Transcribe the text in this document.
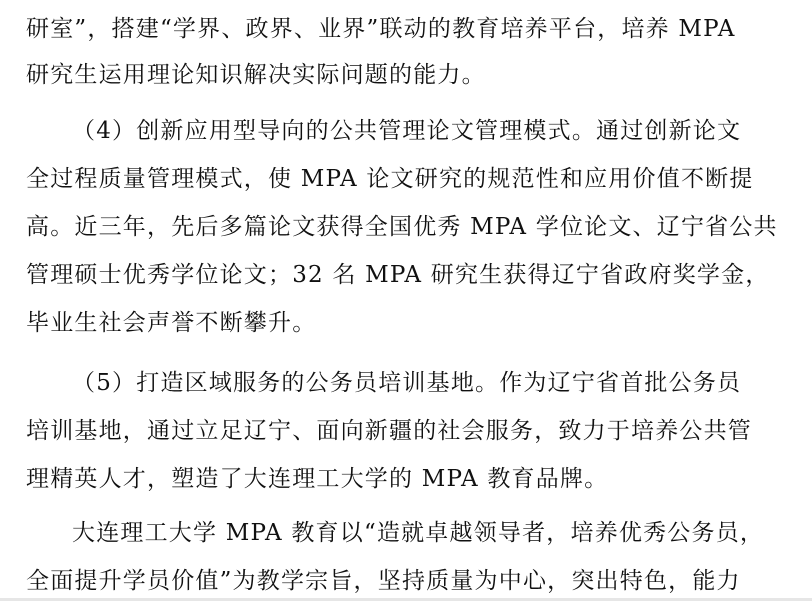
研室”，搭建“学界、政界、业界”联动的教育培养平台，培养 MPA
研究生运用理论知识解决实际问题的能力。
（4）创新应用型导向的公共管理论文管理模式。通过创新论文
全过程质量管理模式，使 MPA 论文研究的规范性和应用价值不断提
高。近三年，先后多篇论文获得全国优秀 MPA 学位论文、辽宁省公共
管理硕士优秀学位论文；32 名 MPA 研究生获得辽宁省政府奖学金，
毕业生社会声誉不断攀升。
（5）打造区域服务的公务员培训基地。作为辽宁省首批公务员
培训基地，通过立足辽宁、面向新疆的社会服务，致力于培养公共管
理精英人才，塑造了大连理工大学的 MPA 教育品牌。
大连理工大学 MPA 教育以“造就卓越领导者，培养优秀公务员，
全面提升学员价值”为教学宗旨，坚持质量为中心，突出特色，能力
